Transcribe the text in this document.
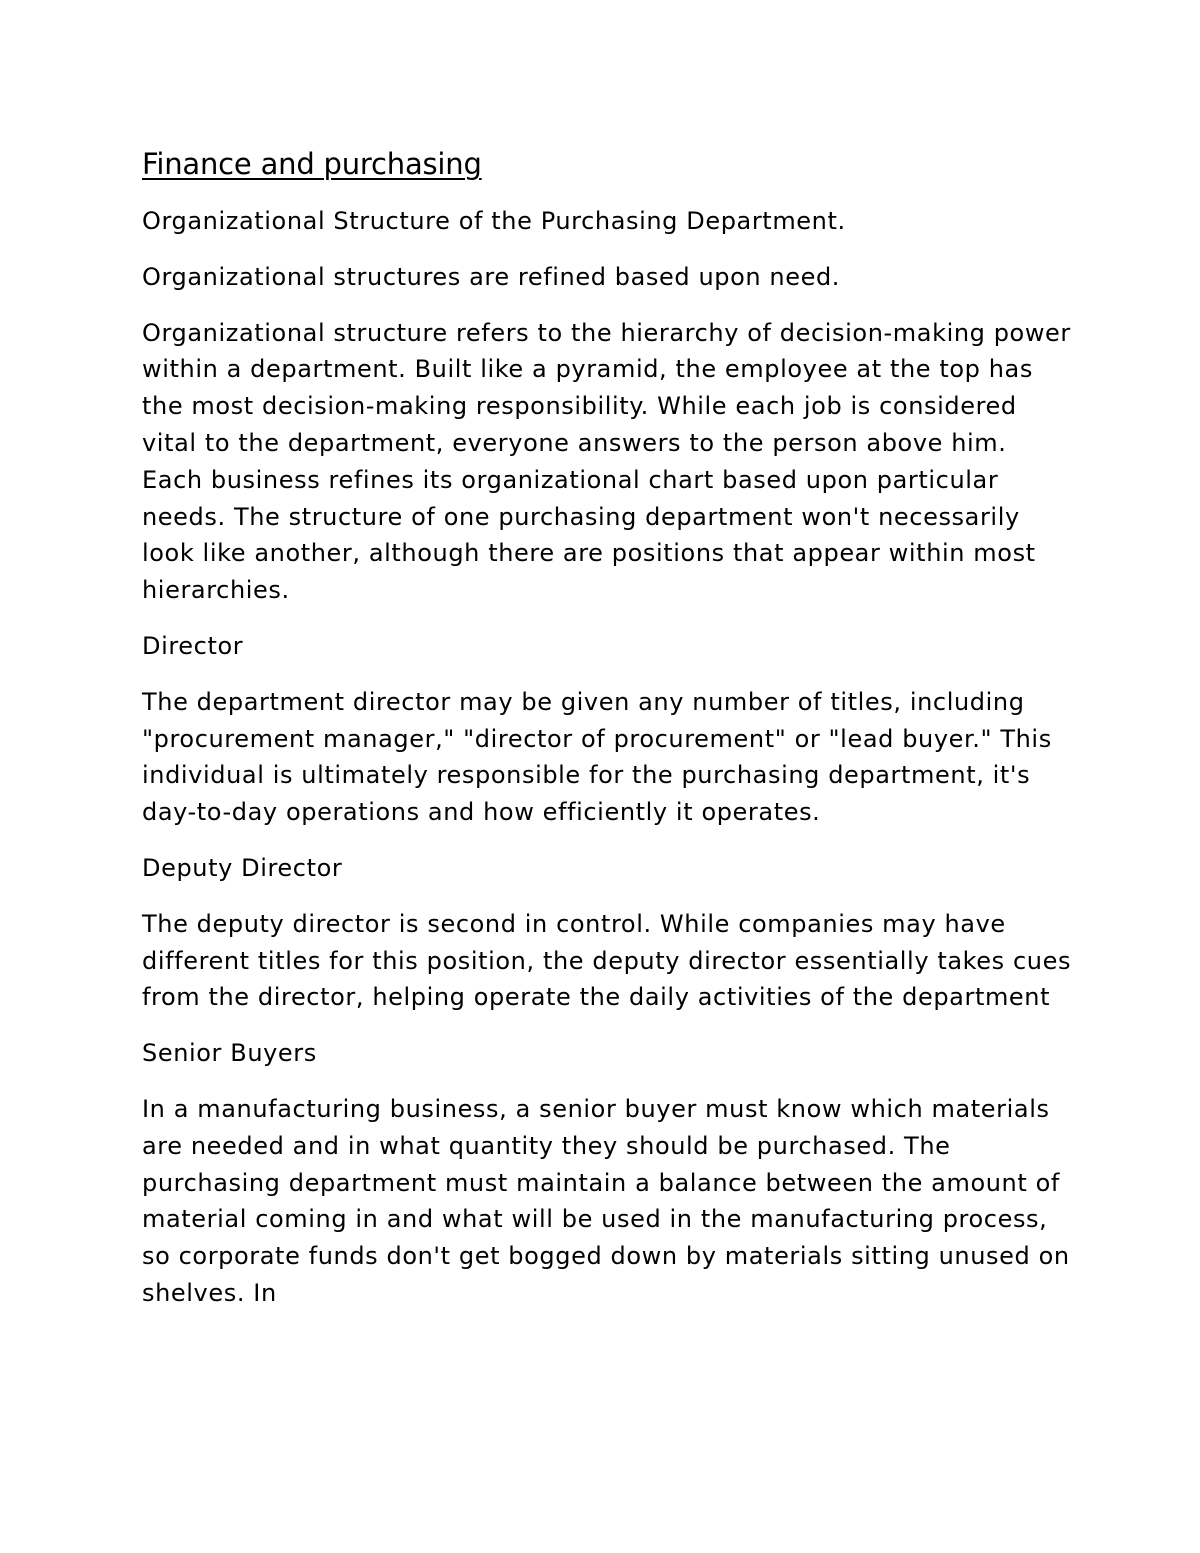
Finance and purchasing

Organizational Structure of the Purchasing Department.

Organizational structures are refined based upon need.

Organizational structure refers to the hierarchy of decision-making power within a department. Built like a pyramid, the employee at the top has the most decision-making responsibility. While each job is considered vital to the department, everyone answers to the person above him. Each business refines its organizational chart based upon particular needs. The structure of one purchasing department won't necessarily look like another, although there are positions that appear within most hierarchies.

Director

The department director may be given any number of titles, including "procurement manager," "director of procurement" or "lead buyer." This individual is ultimately responsible for the purchasing department, it's day-to-day operations and how efficiently it operates.

Deputy Director

The deputy director is second in control. While companies may have different titles for this position, the deputy director essentially takes cues from the director, helping operate the daily activities of the department

Senior Buyers

In a manufacturing business, a senior buyer must know which materials are needed and in what quantity they should be purchased. The purchasing department must maintain a balance between the amount of material coming in and what will be used in the manufacturing process, so corporate funds don't get bogged down by materials sitting unused on shelves. In
